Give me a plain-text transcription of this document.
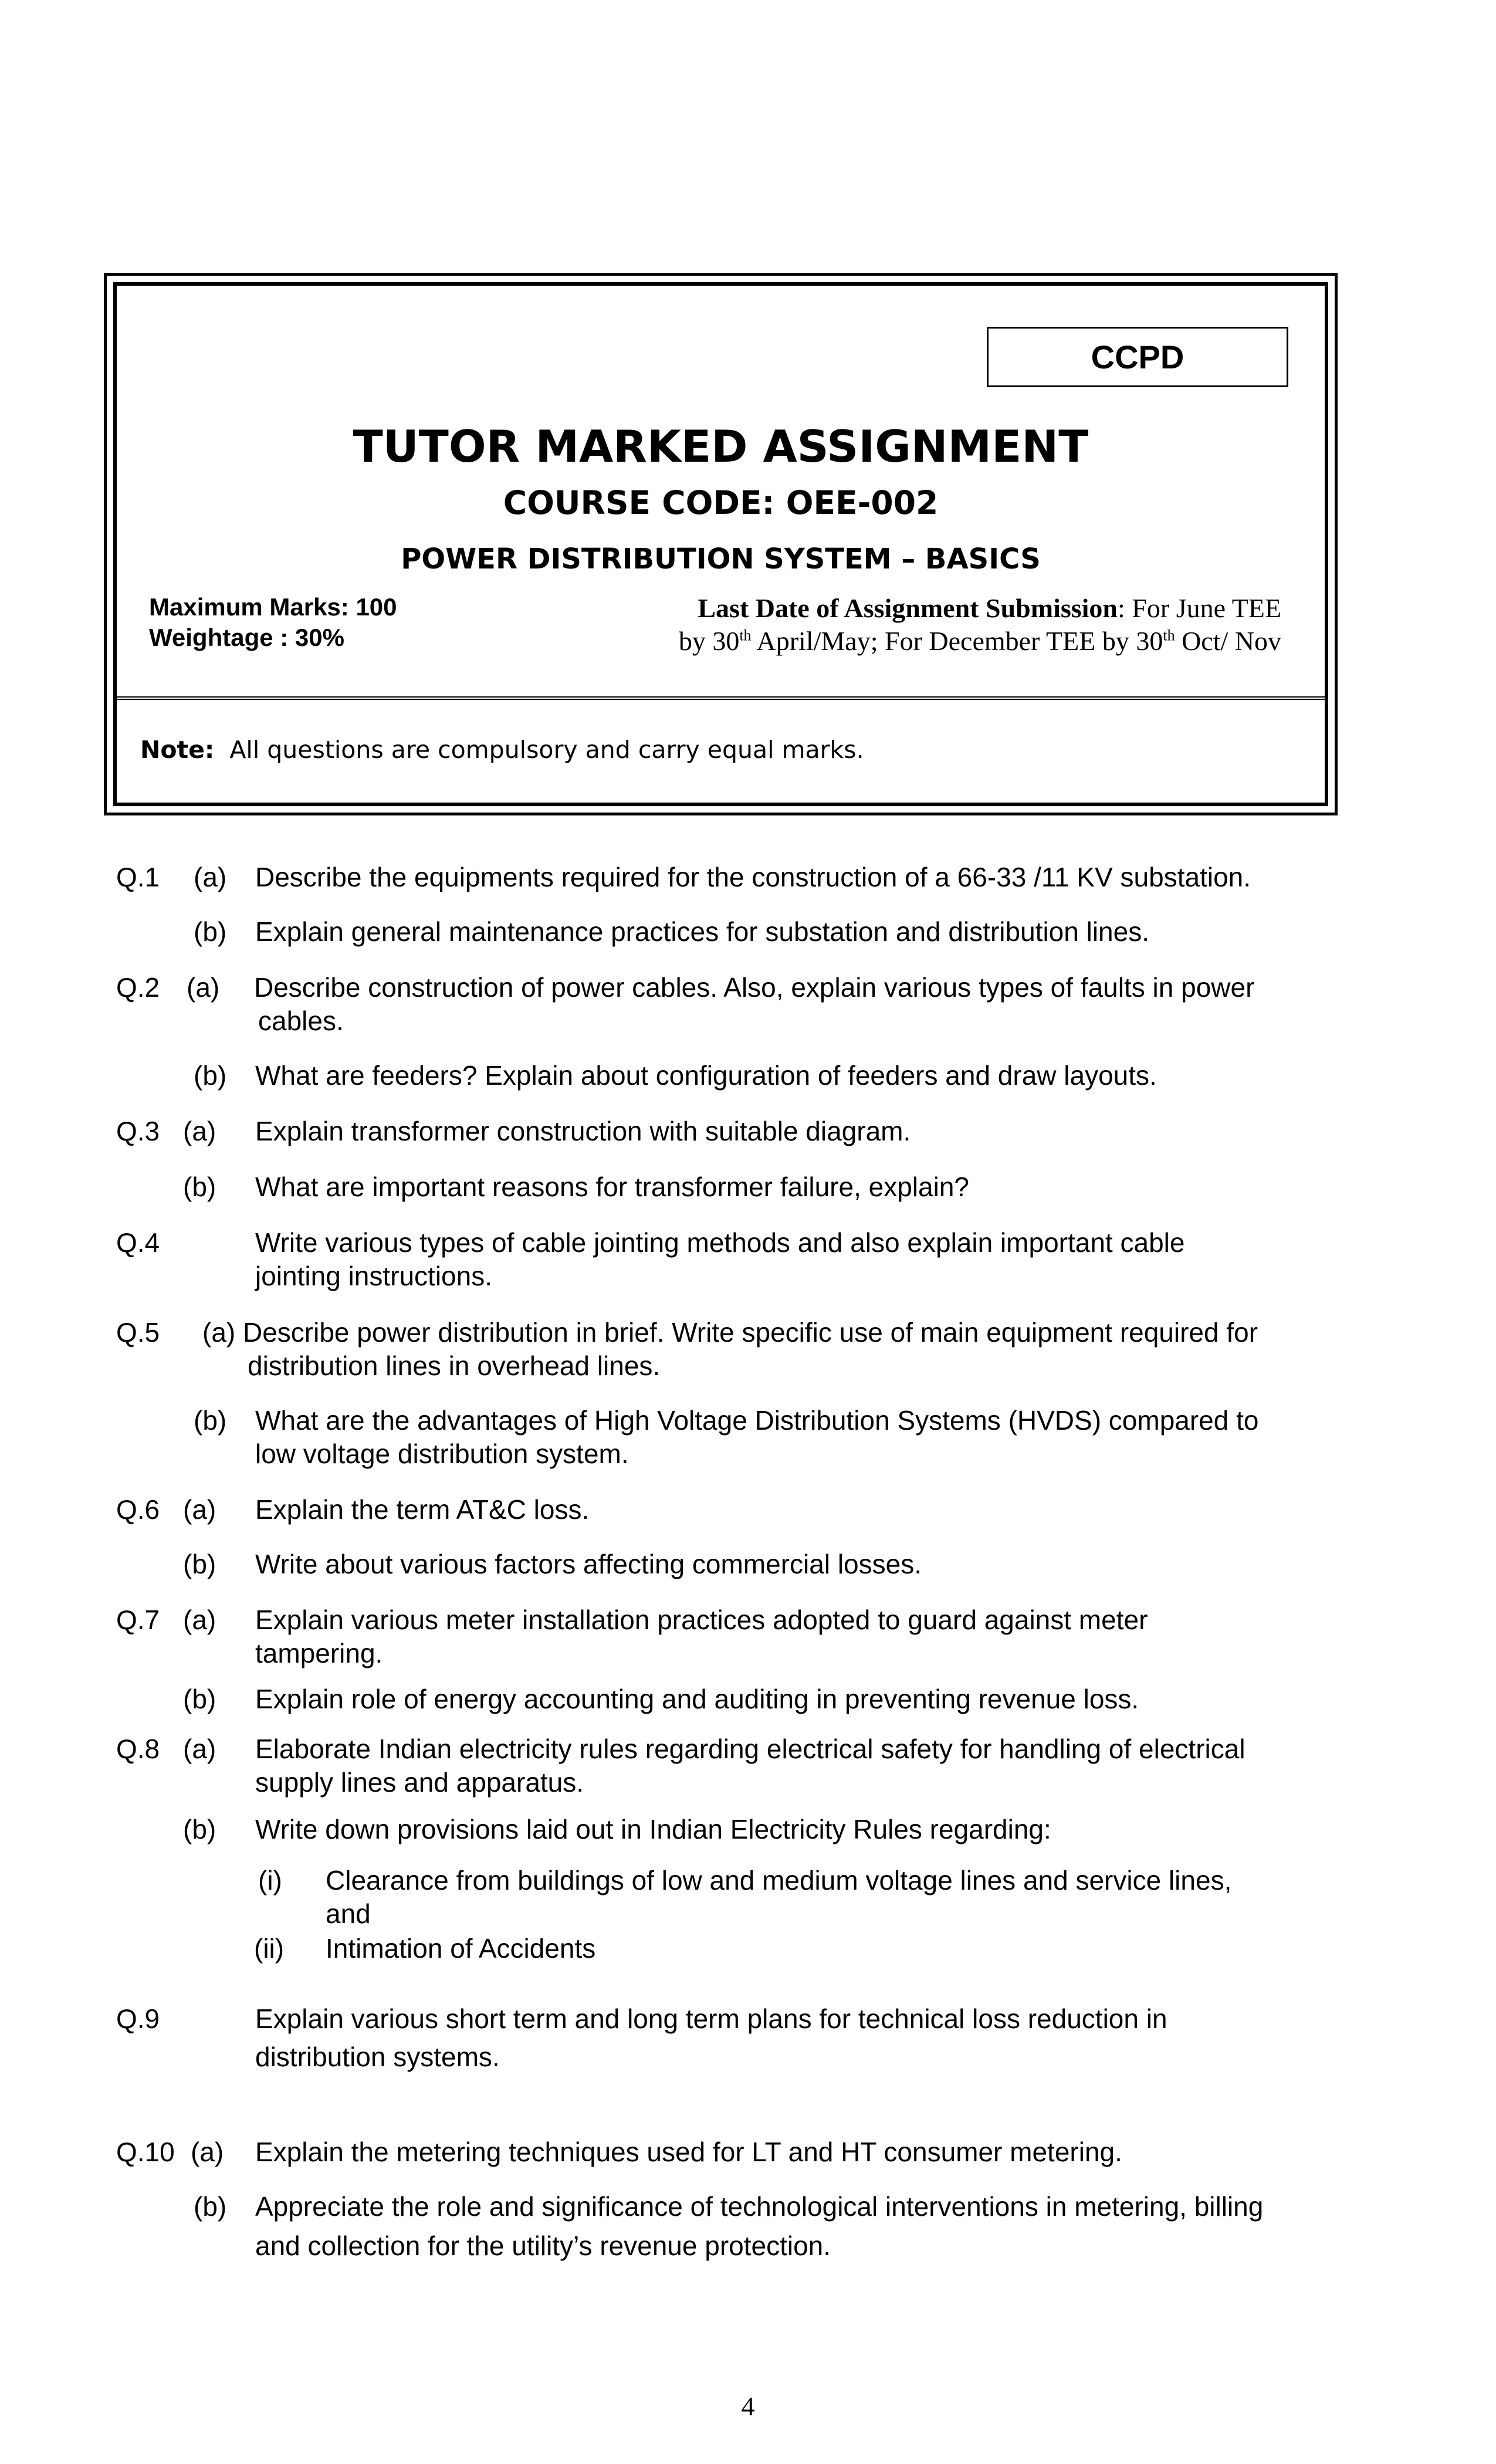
CCPD
TUTOR MARKED ASSIGNMENT
COURSE CODE: OEE-002
POWER DISTRIBUTION SYSTEM – BASICS
Maximum Marks: 100
Weightage : 30%
Last Date of Assignment Submission: For June TEE
by 30th April/May; For December TEE by 30th Oct/ Nov
Note: All questions are compulsory and carry equal marks.
Q.1 (a) Describe the equipments required for the construction of a 66-33 /11 KV substation.
(b) Explain general maintenance practices for substation and distribution lines.
Q.2 (a) Describe construction of power cables. Also, explain various types of faults in power
cables.
(b) What are feeders? Explain about configuration of feeders and draw layouts.
Q.3 (a) Explain transformer construction with suitable diagram.
(b) What are important reasons for transformer failure, explain?
Q.4	Write various types of cable jointing methods and also explain important cable
jointing instructions.
Q.5 (a) Describe power distribution in brief. Write specific use of main equipment required for
distribution lines in overhead lines.
(b) What are the advantages of High Voltage Distribution Systems (HVDS) compared to
low voltage distribution system.
Q.6 (a) Explain the term AT&C loss.
(b) Write about various factors affecting commercial losses.
Q.7 (a) Explain various meter installation practices adopted to guard against meter
tampering.
(b) Explain role of energy accounting and auditing in preventing revenue loss.
Q.8 (a) Elaborate Indian electricity rules regarding electrical safety for handling of electrical
supply lines and apparatus.
(b) Write down provisions laid out in Indian Electricity Rules regarding:
(i) Clearance from buildings of low and medium voltage lines and service lines,
and
(ii) Intimation of Accidents
Q.9	Explain various short term and long term plans for technical loss reduction in
distribution systems.
Q.10 (a) Explain the metering techniques used for LT and HT consumer metering.
(b) Appreciate the role and significance of technological interventions in metering, billing
and collection for the utility’s revenue protection.
4
